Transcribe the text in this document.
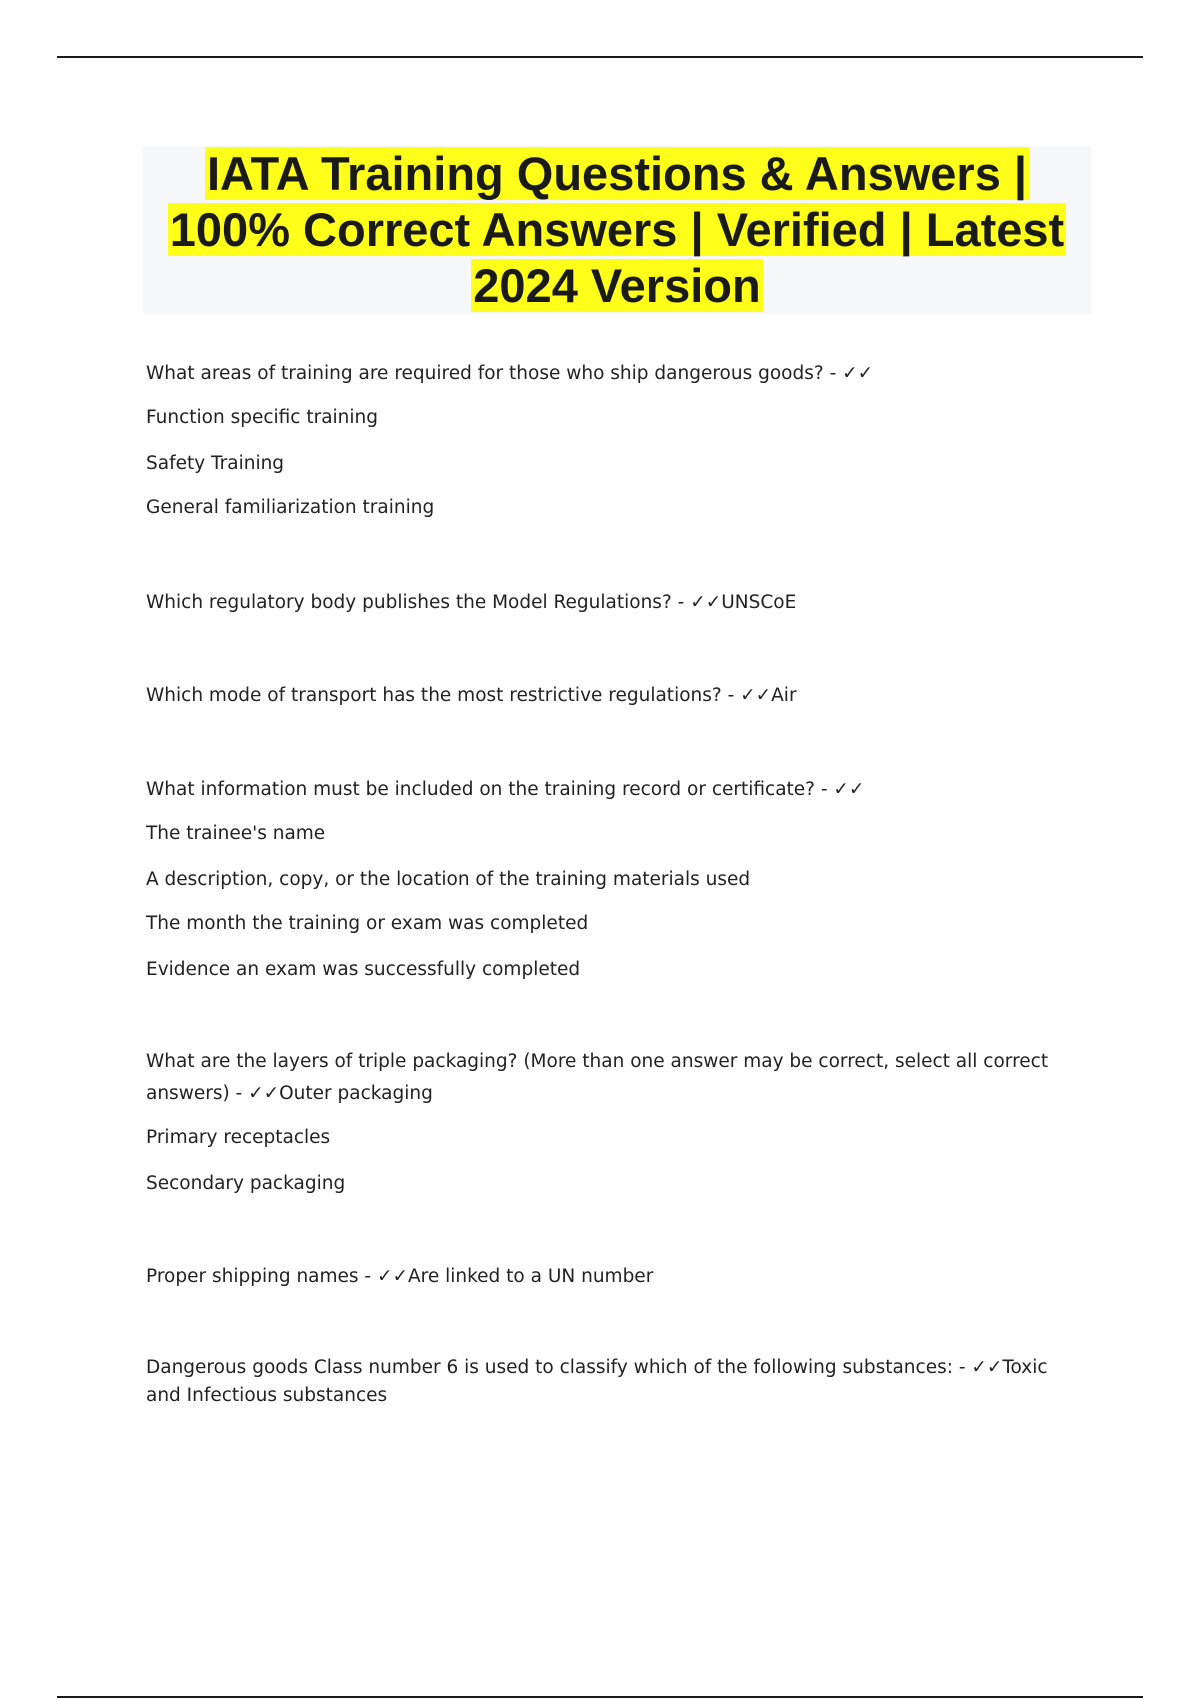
IATA Training Questions & Answers | 100% Correct Answers | Verified | Latest 2024 Version
What areas of training are required for those who ship dangerous goods? - ✓✓
Function specific training
Safety Training
General familiarization training
Which regulatory body publishes the Model Regulations? - ✓✓UNSCoE
Which mode of transport has the most restrictive regulations? - ✓✓Air
What information must be included on the training record or certificate? - ✓✓
The trainee's name
A description, copy, or the location of the training materials used
The month the training or exam was completed
Evidence an exam was successfully completed
What are the layers of triple packaging? (More than one answer may be correct, select all correct answers) - ✓✓Outer packaging
Primary receptacles
Secondary packaging
Proper shipping names - ✓✓Are linked to a UN number
Dangerous goods Class number 6 is used to classify which of the following substances: - ✓✓Toxic and Infectious substances
